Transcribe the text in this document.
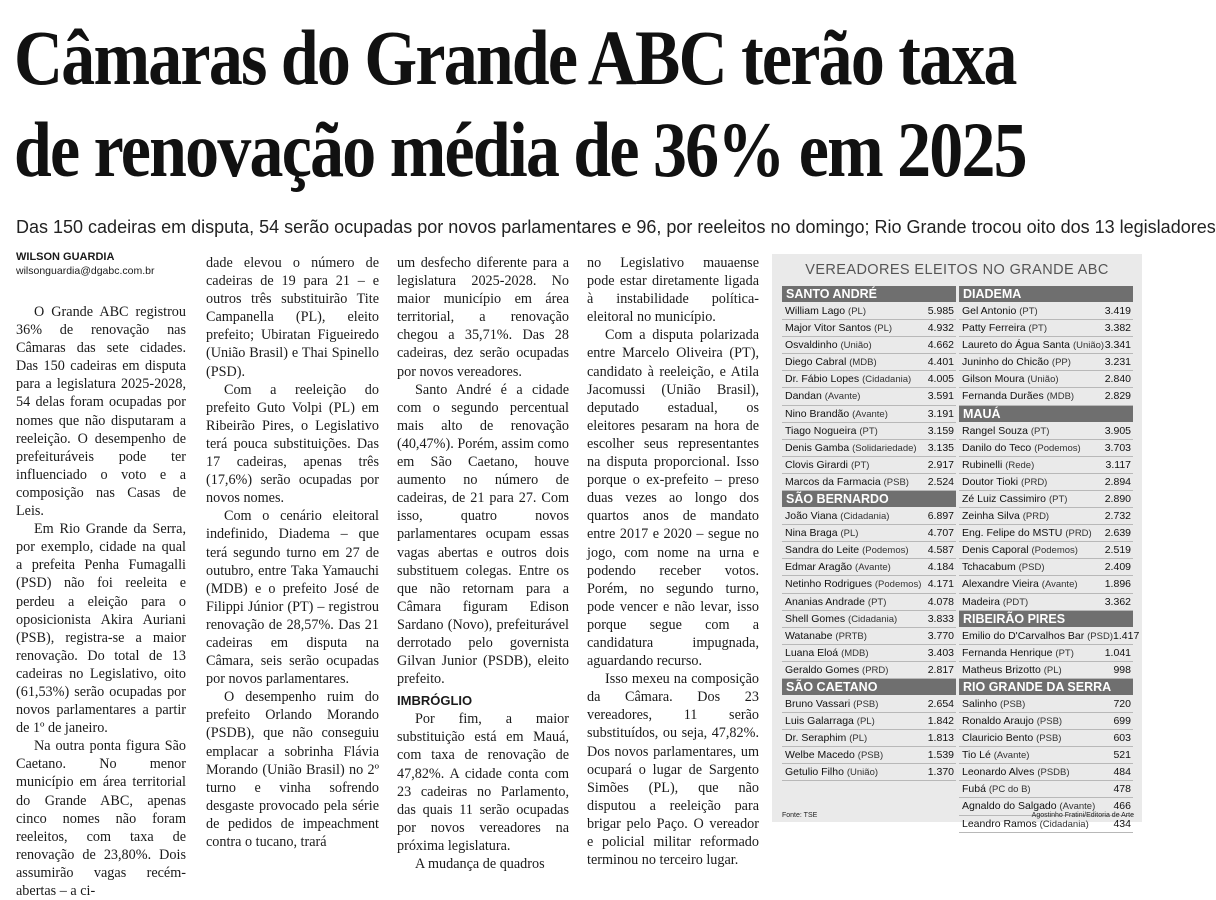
Câmaras do Grande ABC terão taxa
de renovação média de 36% em 2025

Das 150 cadeiras em disputa, 54 serão ocupadas por novos parlamentares e 96, por reeleitos no domingo; Rio Grande trocou oito dos 13 legisladores

WILSON GUARDIA

wilsonguardia@dgabc.com.br

O Grande ABC registrou 36% de renovação nas Câmaras das sete cidades. Das 150 cadeiras em disputa para a legislatura 2025-2028, 54 delas foram ocupadas por nomes que não disputaram a reeleição. O desempenho de prefeituráveis pode ter influenciado o voto e a composição nas Casas de Leis.

Em Rio Grande da Serra, por exemplo, cidade na qual a prefeita Penha Fumagalli (PSD) não foi reeleita e perdeu a eleição para o oposicionista Akira Auriani (PSB), registra-se a maior renovação. Do total de 13 cadeiras no Legislativo, oito (61,53%) serão ocupadas por novos parlamentares a partir de 1º de janeiro.

Na outra ponta figura São Caetano. No menor município em área territorial do Grande ABC, apenas cinco nomes não foram reeleitos, com taxa de renovação de 23,80%. Dois assumirão vagas recém-abertas – a ci-

dade elevou o número de cadeiras de 19 para 21 – e outros três substituirão Tite Campanella (PL), eleito prefeito; Ubiratan Figueiredo (União Brasil) e Thai Spinello (PSD).

Com a reeleição do prefeito Guto Volpi (PL) em Ribeirão Pires, o Legislativo terá pouca substituições. Das 17 cadeiras, apenas três (17,6%) serão ocupadas por novos nomes.

Com o cenário eleitoral indefinido, Diadema – que terá segundo turno em 27 de outubro, entre Taka Yamauchi (MDB) e o prefeito José de Filippi Júnior (PT) – registrou renovação de 28,57%. Das 21 cadeiras em disputa na Câmara, seis serão ocupadas por novos parlamentares.

O desempenho ruim do prefeito Orlando Morando (PSDB), que não conseguiu emplacar a sobrinha Flávia Morando (União Brasil) no 2º turno e vinha sofrendo desgaste provocado pela série de pedidos de impeachment contra o tucano, trará

um desfecho diferente para a legislatura 2025-2028. No maior município em área territorial, a renovação chegou a 35,71%. Das 28 cadeiras, dez serão ocupadas por novos vereadores.

Santo André é a cidade com o segundo percentual mais alto de renovação (40,47%). Porém, assim como em São Caetano, houve aumento no número de cadeiras, de 21 para 27. Com isso, quatro novos parlamentares ocupam essas vagas abertas e outros dois substituem colegas. Entre os que não retornam para a Câmara figuram Edison Sardano (Novo), prefeiturável derrotado pelo governista Gilvan Junior (PSDB), eleito prefeito.

IMBRÓGLIO

Por fim, a maior substituição está em Mauá, com taxa de renovação de 47,82%. A cidade conta com 23 cadeiras no Parlamento, das quais 11 serão ocupadas por novos vereadores na próxima legislatura.

A mudança de quadros

no Legislativo mauaense pode estar diretamente ligada à instabilidade política-eleitoral no município.

Com a disputa polarizada entre Marcelo Oliveira (PT), candidato à reeleição, e Atila Jacomussi (União Brasil), deputado estadual, os eleitores pesaram na hora de escolher seus representantes na disputa proporcional. Isso porque o ex-prefeito – preso duas vezes ao longo dos quartos anos de mandato entre 2017 e 2020 – segue no jogo, com nome na urna e podendo receber votos. Porém, no segundo turno, pode vencer e não levar, isso porque segue com a candidatura impugnada, aguardando recurso.

Isso mexeu na composição da Câmara. Dos 23 vereadores, 11 serão substituídos, ou seja, 47,82%. Dos novos parlamentares, um ocupará o lugar de Sargento Simões (PL), que não disputou a reeleição para brigar pelo Paço. O vereador e policial militar reformado terminou no terceiro lugar.

VEREADORES ELEITOS NO GRANDE ABC
SANTO ANDRÉ
William Lago (PL)	5.985
Major Vitor Santos (PL)	4.932
Osvaldinho (União)	4.662
Diego Cabral (MDB)	4.401
Dr. Fábio Lopes (Cidadania) 4.005
Dandan (Avante)	3.591
Nino Brandão (Avante)	3.191
Tiago Nogueira (PT)	3.159
Denis Gamba (Solidariedade) 3.135
Clovis Girardi (PT)	2.917
Marcos da Farmacia (PSB) 2.524
SÃO BERNARDO
João Viana (Cidadania)	6.897
Nina Braga (PL)	4.707
Sandra do Leite (Podemos) 4.587
Edmar Aragão (Avante)	4.184
Netinho Rodrigues (Podemos) 4.171
Ananias Andrade (PT)	4.078
Shell Gomes (Cidadania)	3.833
Watanabe (PRTB)	3.770
Luana Eloá (MDB)	3.403
Geraldo Gomes (PRD)	2.817
SÃO CAETANO
Bruno Vassari (PSB)	2.654
Luis Galarraga (PL)	1.842
Dr. Seraphim (PL)	1.813
Welbe Macedo (PSB)	1.539
Getulio Filho (União)	1.370
DIADEMA
Gel Antonio (PT)	3.419
Patty Ferreira (PT)	3.382
Laureto do Água Santa (União) 3.341
Juninho do Chicão (PP)	3.231
Gilson Moura (União)	2.840
Fernanda Durães (MDB)	2.829
MAUÁ
Rangel Souza (PT)	3.905
Danilo do Teco (Podemos) 3.703
Rubinelli (Rede)	3.117
Doutor Tioki (PRD)	2.894
Zé Luiz Cassimiro (PT)	2.890
Zeinha Silva (PRD)	2.732
Eng. Felipe do MSTU (PRD) 2.639
Denis Caporal (Podemos)	2.519
Tchacabum (PSD)	2.409
Alexandre Vieira (Avante)	1.896
Madeira (PDT)	3.362
RIBEIRÃO PIRES
Emilio do D'Carvalhos Bar (PSD) 1.417
Fernanda Henrique (PT)	1.041
Matheus Brizotto (PL)	998
RIO GRANDE DA SERRA
Salinho (PSB)	720
Ronaldo Araujo (PSB)	699
Clauricio Bento (PSB)	603
Tio Lé (Avante)	521
Leonardo Alves (PSDB)	484
Fubá (PC do B)	478
Agnaldo do Salgado (Avante) 466
Leandro Ramos (Cidadania) 434
Fonte: TSE	Agostinho Fratini/Editoria de Arte
